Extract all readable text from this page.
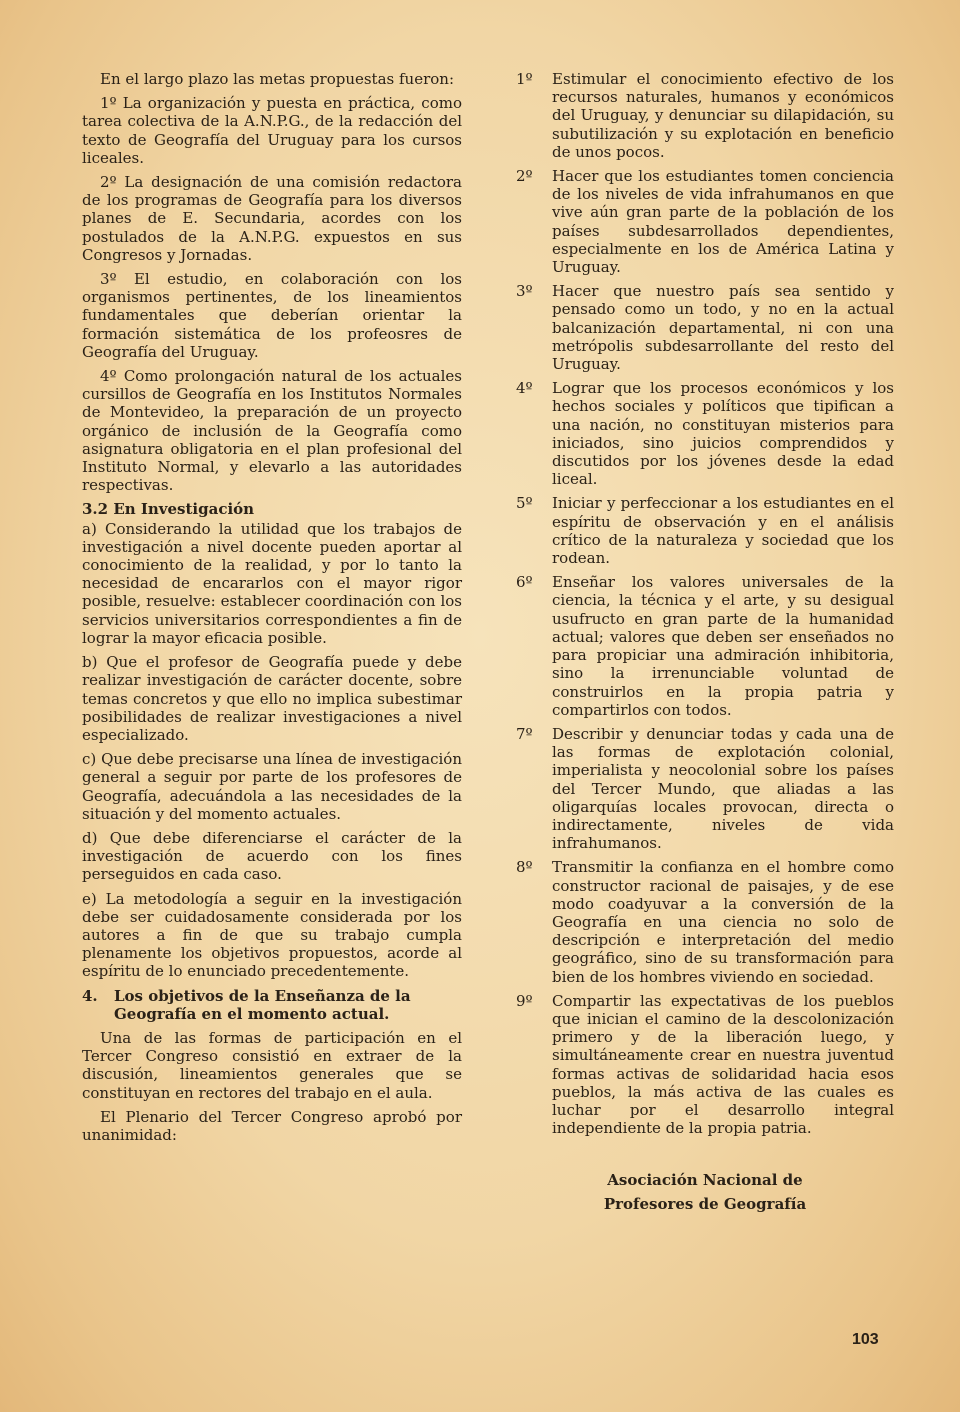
En el largo plazo las metas propuestas fueron:

1º La organización y puesta en práctica, como tarea colectiva de la A.N.P.G., de la redacción del texto de Geografía del Uruguay para los cursos liceales.

2º La designación de una comisión redactora de los programas de Geografía para los diversos planes de E. Secundaria, acordes con los postulados de la A.N.P.G. expuestos en sus Congresos y Jornadas.

3º El estudio, en colaboración con los organismos pertinentes, de los lineamientos fundamentales que deberían orientar la formación sistemática de los profeosres de Geografía del Uruguay.

4º Como prolongación natural de los actuales cursillos de Geografía en los Institutos Normales de Montevideo, la preparación de un proyecto orgánico de inclusión de la Geografía como asignatura obligatoria en el plan profesional del Instituto Normal, y elevarlo a las autoridades respectivas.

3.2 En Investigación

a) Considerando la utilidad que los trabajos de investigación a nivel docente pueden aportar al conocimiento de la realidad, y por lo tanto la necesidad de encararlos con el mayor rigor posible, resuelve: establecer coordinación con los servicios universitarios correspondientes a fin de lograr la mayor eficacia posible.

b) Que el profesor de Geografía puede y debe realizar investigación de carácter docente, sobre temas concretos y que ello no implica subestimar posibilidades de realizar investigaciones a nivel especializado.

c) Que debe precisarse una línea de investigación general a seguir por parte de los profesores de Geografía, adecuándola a las necesidades de la situación y del momento actuales.

d) Que debe diferenciarse el carácter de la investigación de acuerdo con los fines perseguidos en cada caso.

e) La metodología a seguir en la investigación debe ser cuidadosamente considerada por los autores a fin de que su trabajo cumpla plenamente los objetivos propuestos, acorde al espíritu de lo enunciado precedentemente.

4. Los objetivos de la Enseñanza de la Geografía en el momento actual.

Una de las formas de participación en el Tercer Congreso consistió en extraer de la discusión, lineamientos generales que se constituyan en rectores del trabajo en el aula.

El Plenario del Tercer Congreso aprobó por unanimidad:

1º	Estimular el conocimiento efectivo de los recursos naturales, humanos y económicos del Uruguay, y denunciar su dilapidación, su subutilización y su explotación en beneficio de unos pocos.
2º	Hacer que los estudiantes tomen conciencia de los niveles de vida infrahumanos en que vive aún gran parte de la población de los países subdesarrollados dependientes, especialmente en los de América Latina y Uruguay.
3º	Hacer que nuestro país sea sentido y pensado como un todo, y no en la actual balcanización departamental, ni con una metrópolis subdesarrollante del resto del Uruguay.
4º	Lograr que los procesos económicos y los hechos sociales y políticos que tipifican a una nación, no constituyan misterios para iniciados, sino juicios comprendidos y discutidos por los jóvenes desde la edad liceal.
5º	Iniciar y perfeccionar a los estudiantes en el espíritu de observación y en el análisis crítico de la naturaleza y sociedad que los rodean.
6º	Enseñar los valores universales de la ciencia, la técnica y el arte, y su desigual usufructo en gran parte de la humanidad actual; valores que deben ser enseñados no para propiciar una admiración inhibitoria, sino la irrenunciable voluntad de construirlos en la propia patria y compartirlos con todos.
7º	Describir y denunciar todas y cada una de las formas de explotación colonial, imperialista y neocolonial sobre los países del Tercer Mundo, que aliadas a las oligarquías locales provocan, directa o indirectamente, niveles de vida infrahumanos.
8º	Transmitir la confianza en el hombre como constructor racional de paisajes, y de ese modo coadyuvar a la conversión de la Geografía en una ciencia no solo de descripción e interpretación del medio geográfico, sino de su transformación para bien de los hombres viviendo en sociedad.
9º	Compartir las expectativas de los pueblos que inician el camino de la descolonización primero y de la liberación luego, y simultáneamente crear en nuestra juventud formas activas de solidaridad hacia esos pueblos, la más activa de las cuales es luchar por el desarrollo integral independiente de la propia patria.
Asociación Nacional de
Profesores de Geografía
103
